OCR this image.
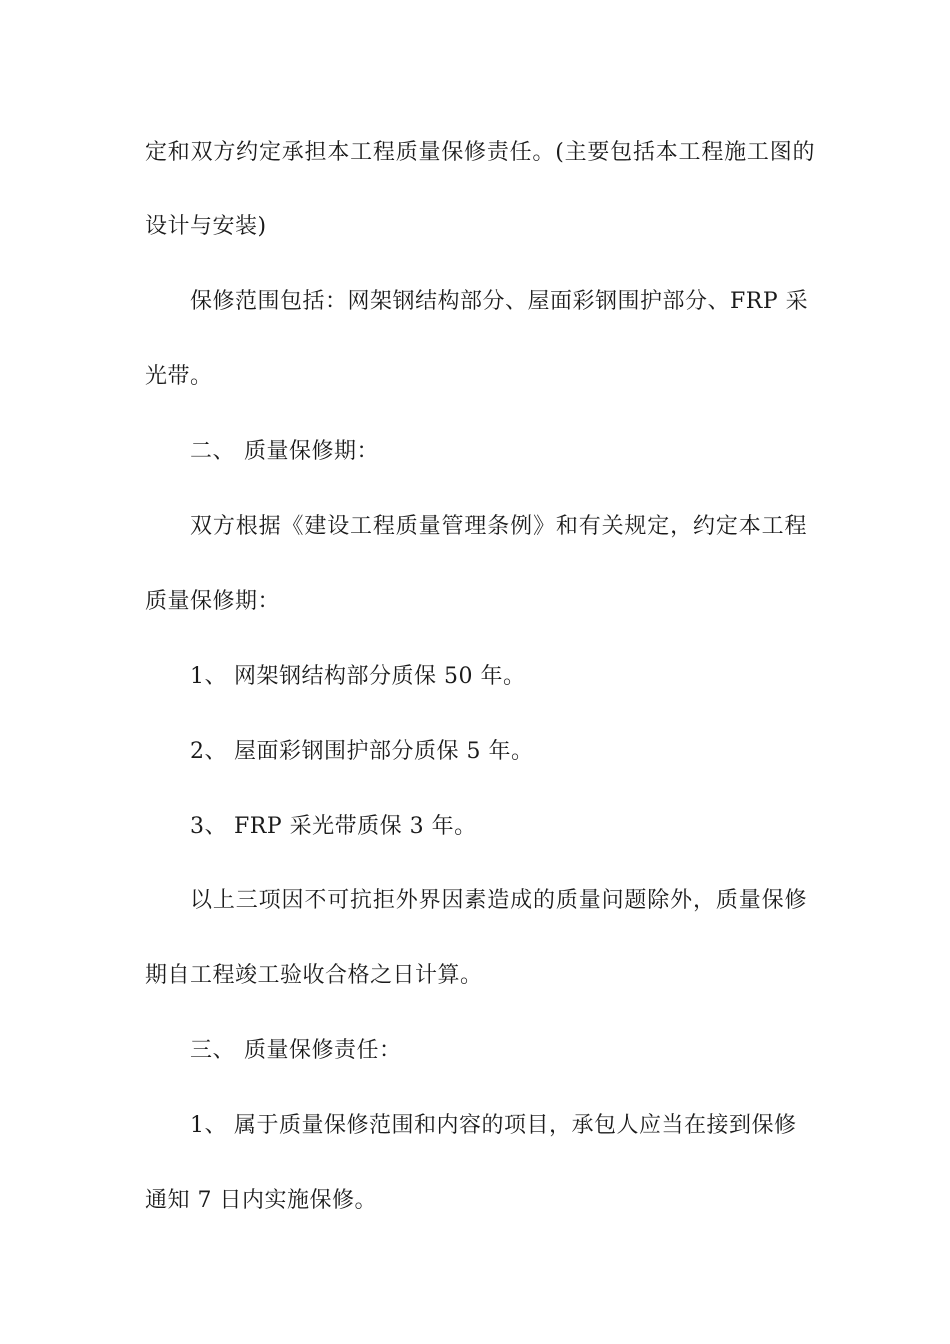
定和双方约定承担本工程质量保修责任。(主要包括本工程施工图的
设计与安装)
保修范围包括：网架钢结构部分、屋面彩钢围护部分、FRP 采
光带。
二、 质量保修期：
双方根据《建设工程质量管理条例》和有关规定，约定本工程
质量保修期：
1、 网架钢结构部分质保 50 年。
2、 屋面彩钢围护部分质保 5 年。
3、 FRP 采光带质保 3 年。
以上三项因不可抗拒外界因素造成的质量问题除外，质量保修
期自工程竣工验收合格之日计算。
三、 质量保修责任：
1、 属于质量保修范围和内容的项目，承包人应当在接到保修
通知 7 日内实施保修。
